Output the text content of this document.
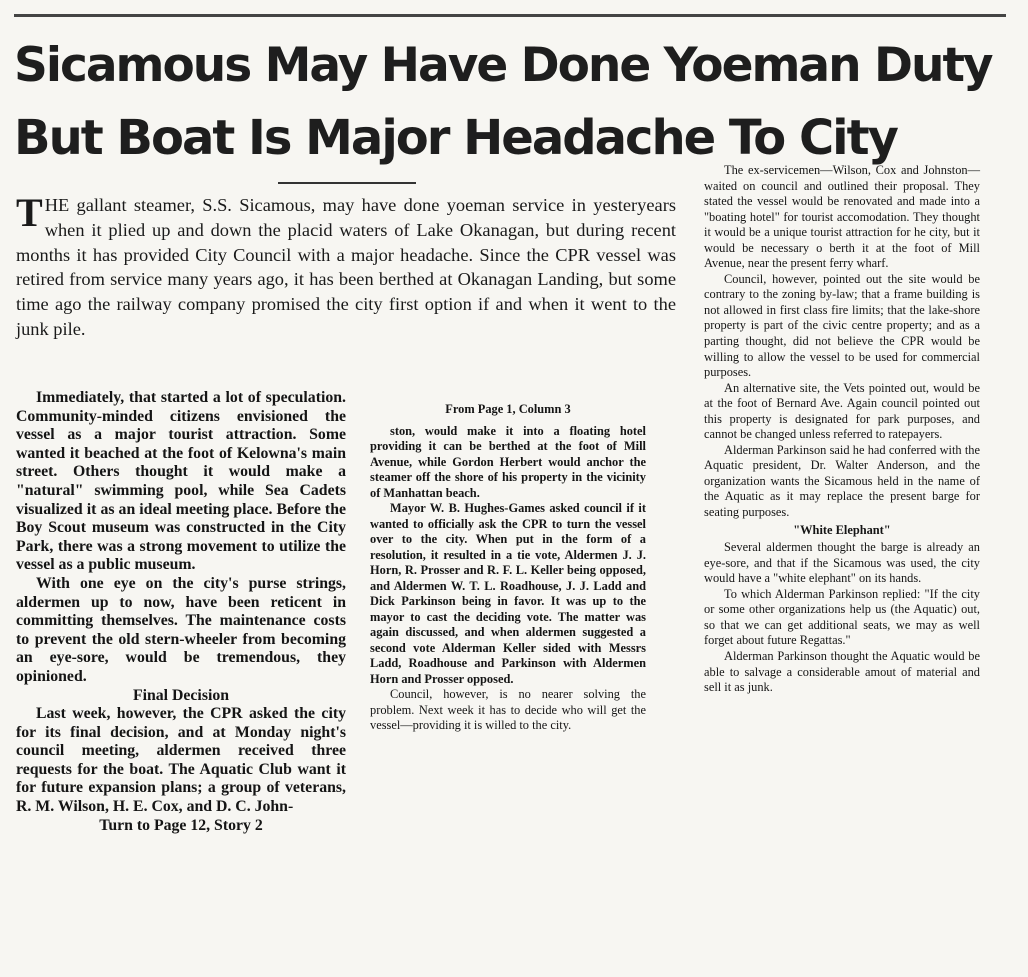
Sicamous May Have Done Yoeman Duty
But Boat Is Major Headache To City
THE gallant steamer, S.S. Sicamous, may have done yoeman service in yesteryears when it plied up and down the placid waters of Lake Okanagan, but during recent months it has provided City Council with a major headache. Since the CPR vessel was retired from service many years ago, it has been berthed at Okanagan Landing, but some time ago the railway company promised the city first option if and when it went to the junk pile.

Immediately, that started a lot of speculation. Community-minded citizens envisioned the vessel as a major tourist attraction. Some wanted it beached at the foot of Kelowna's main street. Others thought it would make a "natural" swimming pool, while Sea Cadets visualized it as an ideal meeting place. Before the Boy Scout museum was constructed in the City Park, there was a strong movement to utilize the vessel as a public museum.

With one eye on the city's purse strings, aldermen up to now, have been reticent in committing themselves. The maintenance costs to prevent the old stern-wheeler from becoming an eye-sore, would be tremendous, they opinioned.

Final Decision

Last week, however, the CPR asked the city for its final decision, and at Monday night's council meeting, aldermen received three requests for the boat. The Aquatic Club want it for future expansion plans; a group of veterans, R. M. Wilson, H. E. Cox, and D. C. John-

Turn to Page 12, Story 2

From Page 1, Column 3

ston, would make it into a floating hotel providing it can be berthed at the foot of Mill Avenue, while Gordon Herbert would anchor the steamer off the shore of his property in the vicinity of Manhattan beach.

Mayor W. B. Hughes-Games asked council if it wanted to officially ask the CPR to turn the vessel over to the city. When put in the form of a resolution, it resulted in a tie vote, Aldermen J. J. Horn, R. Prosser and R. F. L. Keller being opposed, and Aldermen W. T. L. Roadhouse, J. J. Ladd and Dick Parkinson being in favor. It was up to the mayor to cast the deciding vote. The matter was again discussed, and when aldermen suggested a second vote Alderman Keller sided with Messrs Ladd, Roadhouse and Parkinson with Aldermen Horn and Prosser opposed.

Council, however, is no nearer solving the problem. Next week it has to decide who will get the vessel—providing it is willed to the city.

The ex-servicemen—Wilson, Cox and Johnston—waited on council and outlined their proposal. They stated the vessel would be renovated and made into a "boating hotel" for tourist accomodation. They thought it would be a unique tourist attraction for he city, but it would be necessary o berth it at the foot of Mill Avenue, near the present ferry wharf.

Council, however, pointed out the site would be contrary to the zoning by-law; that a frame building is not allowed in first class fire limits; that the lake-shore property is part of the civic centre property; and as a parting thought, did not believe the CPR would be willing to allow the vessel to be used for commercial purposes.

An alternative site, the Vets pointed out, would be at the foot of Bernard Ave. Again council pointed out this property is designated for park purposes, and cannot be changed unless referred to ratepayers.

Alderman Parkinson said he had conferred with the Aquatic president, Dr. Walter Anderson, and the organization wants the Sicamous held in the name of the Aquatic as it may replace the present barge for seating purposes.

"White Elephant"

Several aldermen thought the barge is already an eye-sore, and that if the Sicamous was used, the city would have a "white elephant" on its hands.

To which Alderman Parkinson replied: "If the city or some other organizations help us (the Aquatic) out, so that we can get additional seats, we may as well forget about future Regattas."

Alderman Parkinson thought the Aquatic would be able to salvage a considerable amout of material and sell it as junk.
